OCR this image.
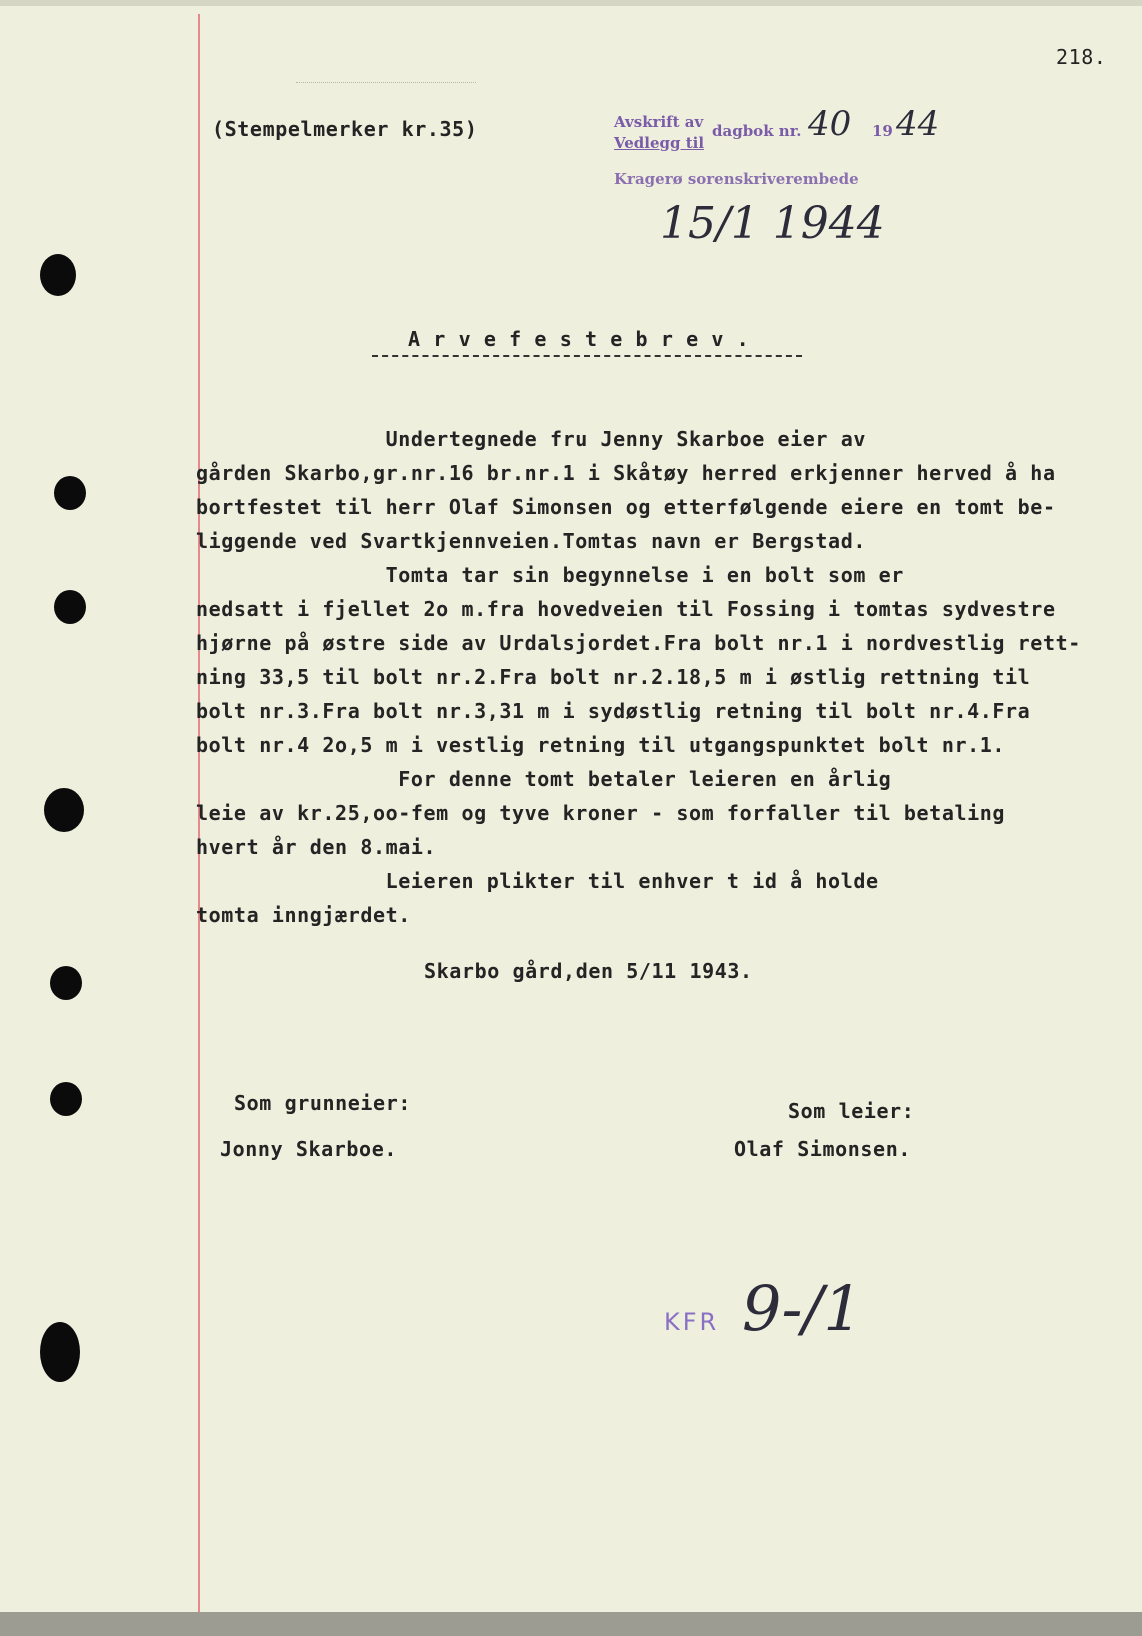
218.
(Stempelmerker kr.35)	Avskrift av
Vedlegg til
dagbok nr. 40 19 44
Kragerø sorenskriverembede
15/1 1944
A r v e f e s t e b r e v .
Undertegnede fru Jenny Skarboe eier av
gården Skarbo,gr.nr.16 br.nr.1 i Skåtøy herred erkjenner herved å ha
bortfestet til herr Olaf Simonsen og etterfølgende eiere en tomt be-
liggende ved Svartkjennveien.Tomtas navn er Bergstad.
Tomta tar sin begynnelse i en bolt som er
nedsatt i fjellet 2o m.fra hovedveien til Fossing i tomtas sydvestre
hjørne på østre side av Urdalsjordet.Fra bolt nr.1 i nordvestlig rett-
ning 33,5 til bolt nr.2.Fra bolt nr.2.18,5 m i østlig rettning til
bolt nr.3.Fra bolt nr.3,31 m i sydøstlig retning til bolt nr.4.Fra
bolt nr.4 2o,5 m i vestlig retning til utgangspunktet bolt nr.1.
For denne tomt betaler leieren en årlig
leie av kr.25,oo-fem og tyve kroner - som forfaller til betaling
hvert år den 8.mai.
Leieren plikter til enhver t id å holde
tomta inngjærdet.
Skarbo gård,den 5/11 1943.
Som grunneier:
Jonny Skarboe.
Som leier:
Olaf Simonsen.
KFR 9-/1
